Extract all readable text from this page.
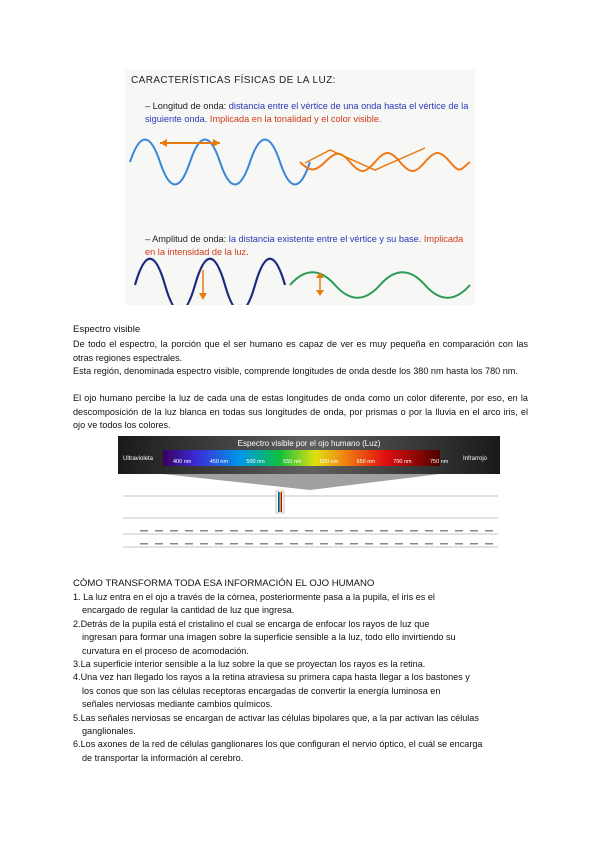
CARACTERÍSTICAS FÍSICAS DE LA LUZ:
– Longitud de onda: distancia entre el vértice de una onda hasta el vértice de la siguiente onda. Implicada en la tonalidad y el color visible.
– Amplitud de onda: la distancia existente entre el vértice y su base. Implicada en la intensidad de la luz.
Espectro visible
De todo el espectro, la porción que el ser humano es capaz de ver es muy pequeña en comparación con las otras regiones espectrales.
Esta región, denominada espectro visible, comprende longitudes de onda desde los 380 nm hasta los 780 nm.
El ojo humano percibe la luz de cada una de estas longitudes de onda como un color diferente, por eso, en la descomposición de la luz blanca en todas sus longitudes de onda, por prismas o por la lluvia en el arco iris, el ojo ve todos los colores.
Espectro visible por el ojo humano (Luz)
Ultravioleta	Infrarrojo
400 nm	450 nm	500 nm	550 nm	600 nm	650 nm	700 nm	750 nm
CÓMO TRANSFORMA TODA ESA INFORMACIÓN EL OJO HUMANO
1. La luz entra en el ojo a través de la córnea, posteriormente pasa a la pupila, el iris es el
encargado de regular la cantidad de luz que ingresa.
2.Detrás de la pupila está el cristalino el cual se encarga de enfocar los rayos de luz que
ingresan para formar una imagen sobre la superficie sensible a la luz, todo ello invirtiendo su
curvatura en el proceso de acomodación.
3.La superficie interior sensible a la luz sobre la que se proyectan los rayos es la retina.
4.Una vez han llegado los rayos a la retina atraviesa su primera capa hasta llegar a los bastones y
los conos que son las células receptoras encargadas de convertir la energía luminosa en
señales nerviosas mediante cambios químicos.
5.Las señales nerviosas se encargan de activar las células bipolares que, a la par activan las células
ganglionales.
6.Los axones de la red de células ganglionares los que configuran el nervio óptico, el cuál se encarga
de transportar la información al cerebro.
